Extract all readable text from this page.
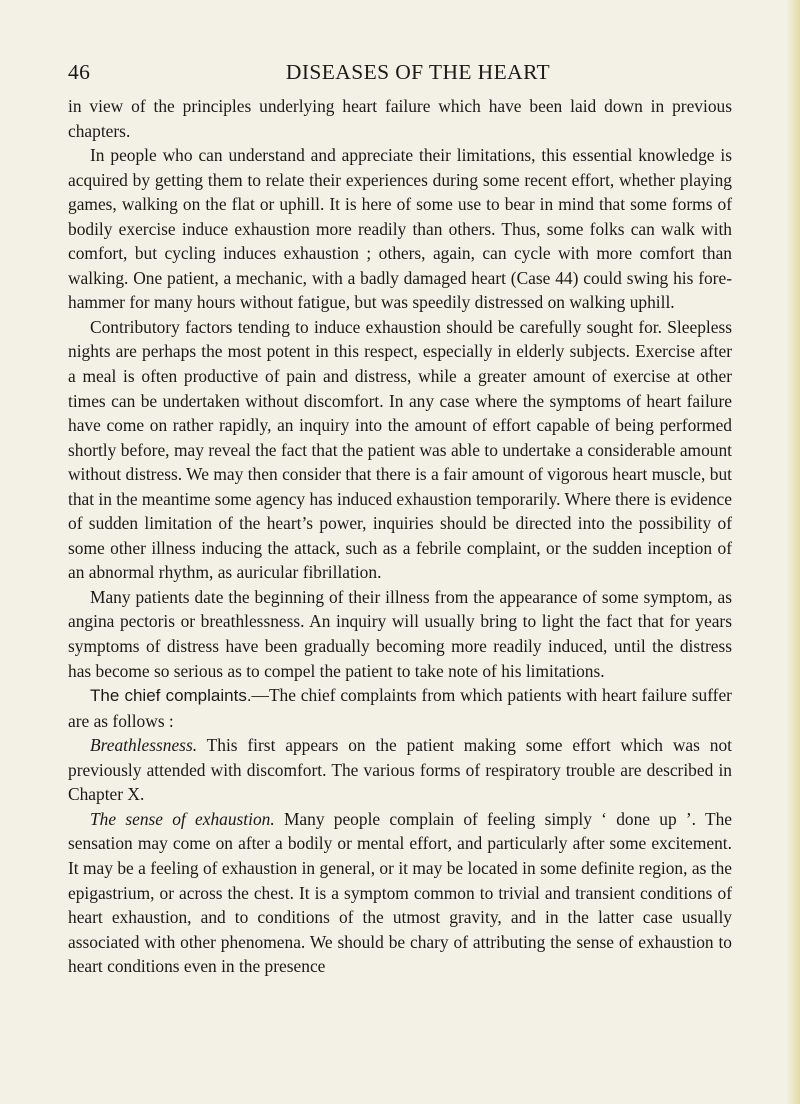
46	DISEASES OF THE HEART

in view of the principles underlying heart failure which have been laid down in previous chapters.

In people who can understand and appreciate their limitations, this essential knowledge is acquired by getting them to relate their experiences during some recent effort, whether playing games, walking on the flat or uphill. It is here of some use to bear in mind that some forms of bodily exercise induce exhaustion more readily than others. Thus, some folks can walk with comfort, but cycling induces exhaustion ; others, again, can cycle with more comfort than walking. One patient, a mechanic, with a badly damaged heart (Case 44) could swing his fore-hammer for many hours without fatigue, but was speedily distressed on walking uphill.

Contributory factors tending to induce exhaustion should be carefully sought for. Sleepless nights are perhaps the most potent in this respect, especially in elderly subjects. Exercise after a meal is often productive of pain and distress, while a greater amount of exercise at other times can be undertaken without discomfort. In any case where the symptoms of heart failure have come on rather rapidly, an inquiry into the amount of effort capable of being performed shortly before, may reveal the fact that the patient was able to undertake a considerable amount without distress. We may then consider that there is a fair amount of vigorous heart muscle, but that in the meantime some agency has induced exhaustion temporarily. Where there is evidence of sudden limitation of the heart’s power, inquiries should be directed into the possibility of some other illness inducing the attack, such as a febrile complaint, or the sudden inception of an abnormal rhythm, as auricular fibrillation.

Many patients date the beginning of their illness from the appearance of some symptom, as angina pectoris or breathlessness. An inquiry will usually bring to light the fact that for years symptoms of distress have been gradually becoming more readily induced, until the distress has become so serious as to compel the patient to take note of his limitations.

The chief complaints.—The chief complaints from which patients with heart failure suffer are as follows :

Breathlessness. This first appears on the patient making some effort which was not previously attended with discomfort. The various forms of respiratory trouble are described in Chapter X.

The sense of exhaustion. Many people complain of feeling simply ‘ done up ’. The sensation may come on after a bodily or mental effort, and particularly after some excitement. It may be a feeling of exhaustion in general, or it may be located in some definite region, as the epigastrium, or across the chest. It is a symptom common to trivial and transient conditions of heart exhaustion, and to conditions of the utmost gravity, and in the latter case usually associated with other phenomena. We should be chary of attributing the sense of exhaustion to heart conditions even in the presence
